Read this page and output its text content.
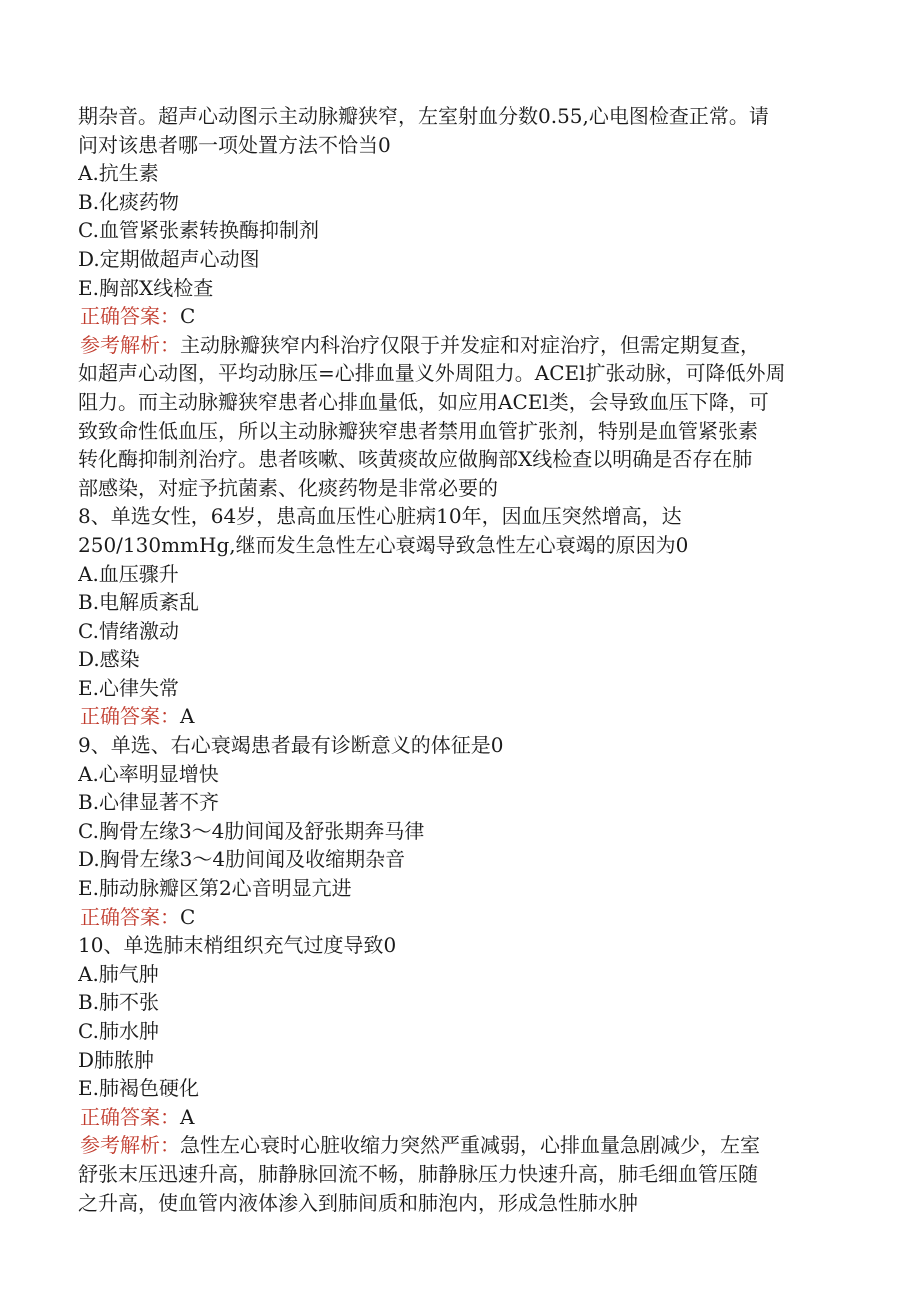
期杂音。超声心动图示主动脉瓣狭窄，左室射血分数0.55,心电图检查正常。请
问对该患者哪一项处置方法不恰当0
A.抗生素
B.化痰药物
C.血管紧张素转换酶抑制剂
D.定期做超声心动图
E.胸部X线检查
正确答案：C
参考解析：主动脉瓣狭窄内科治疗仅限于并发症和对症治疗，但需定期复查，
如超声心动图，平均动脉压=心排血量义外周阻力。ACEl扩张动脉，可降低外周
阻力。而主动脉瓣狭窄患者心排血量低，如应用ACEl类，会导致血压下降，可
致致命性低血压，所以主动脉瓣狭窄患者禁用血管扩张剂，特别是血管紧张素
转化酶抑制剂治疗。患者咳嗽、咳黄痰故应做胸部X线检查以明确是否存在肺
部感染，对症予抗菌素、化痰药物是非常必要的
8、单选女性，64岁，患高血压性心脏病10年，因血压突然增高，达
250/130mmHg,继而发生急性左心衰竭导致急性左心衰竭的原因为0
A.血压骤升
B.电解质紊乱
C.情绪激动
D.感染
E.心律失常
正确答案：A
9、单选、右心衰竭患者最有诊断意义的体征是0
A.心率明显增快
B.心律显著不齐
C.胸骨左缘3～4肋间闻及舒张期奔马律
D.胸骨左缘3～4肋间闻及收缩期杂音
E.肺动脉瓣区第2心音明显亢进
正确答案：C
10、单选肺末梢组织充气过度导致0
A.肺气肿
B.肺不张
C.肺水肿
D肺脓肿
E.肺褐色硬化
正确答案：A
参考解析：急性左心衰时心脏收缩力突然严重减弱，心排血量急剧减少，左室
舒张末压迅速升高，肺静脉回流不畅，肺静脉压力快速升高，肺毛细血管压随
之升高，使血管内液体渗入到肺间质和肺泡内，形成急性肺水肿
